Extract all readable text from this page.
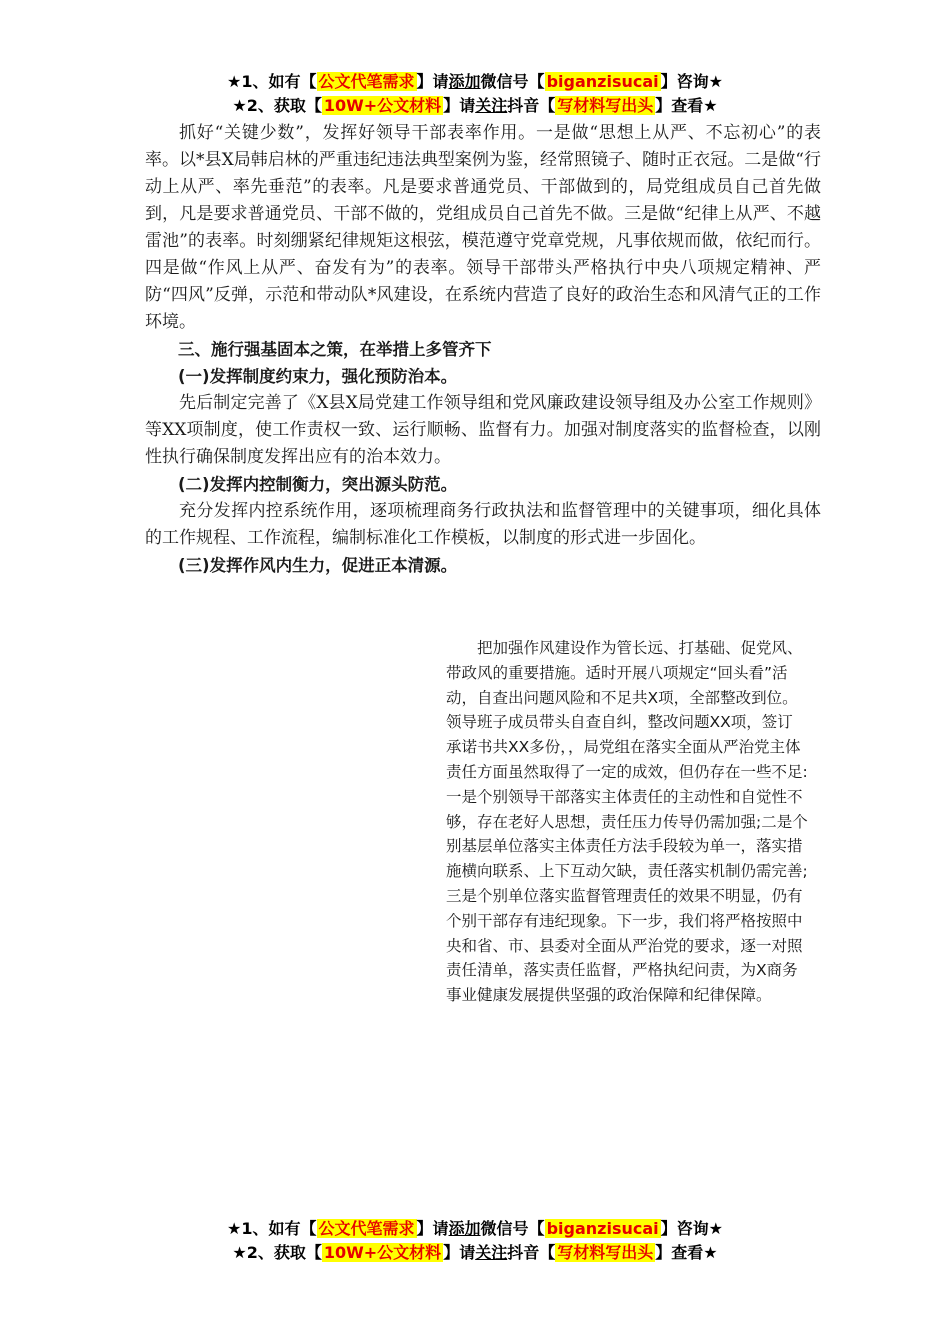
★1、如有【 公文代笔需求 】请添加微信号【 biganzisucai 】咨询★
★2、获取【 10W+公文材料 】请关注抖音【 写材料写出头 】查看★

抓好“关键少数”，发挥好领导干部表率作用。一是做“思想上从严、不忘初心”的表率。以*县X局韩启林的严重违纪违法典型案例为鉴，经常照镜子、随时正衣冠。二是做“行动上从严、率先垂范”的表率。凡是要求普通党员、干部做到的，局党组成员自己首先做到，凡是要求普通党员、干部不做的，党组成员自己首先不做。三是做“纪律上从严、不越雷池”的表率。时刻绷紧纪律规矩这根弦，模范遵守党章党规，凡事依规而做，依纪而行。四是做“作风上从严、奋发有为”的表率。领导干部带头严格执行中央八项规定精神、严防“四风”反弹，示范和带动队*风建设，在系统内营造了良好的政治生态和风清气正的工作环境。

三、施行强基固本之策，在举措上多管齐下

(一)发挥制度约束力，强化预防治本。

先后制定完善了《X县X局党建工作领导组和党风廉政建设领导组及办公室工作规则》等XX项制度，使工作责权一致、运行顺畅、监督有力。加强对制度落实的监督检查，以刚性执行确保制度发挥出应有的治本效力。

(二)发挥内控制衡力，突出源头防范。

充分发挥内控系统作用，逐项梳理商务行政执法和监督管理中的关键事项，细化具体的工作规程、工作流程，编制标准化工作模板，以制度的形式进一步固化。

(三)发挥作风内生力，促进正本清源。

把加强作风建设作为管长远、打基础、促党风、带政风的重要措施。适时开展八项规定“回头看”活动，自查出问题风险和不足共X项，全部整改到位。领导班子成员带头自查自纠，整改问题XX项，签订承诺书共XX多份，，局党组在落实全面从严治党主体责任方面虽然取得了一定的成效，但仍存在一些不足:一是个别领导干部落实主体责任的主动性和自觉性不够，存在老好人思想，责任压力传导仍需加强;二是个别基层单位落实主体责任方法手段较为单一，落实措施横向联系、上下互动欠缺，责任落实机制仍需完善;三是个别单位落实监督管理责任的效果不明显，仍有个别干部存有违纪现象。下一步，我们将严格按照中央和省、市、县委对全面从严治党的要求，逐一对照责任清单，落实责任监督，严格执纪问责，为X商务事业健康发展提供坚强的政治保障和纪律保障。

★1、如有【 公文代笔需求 】请添加微信号【 biganzisucai 】咨询★
★2、获取【 10W+公文材料 】请关注抖音【 写材料写出头 】查看★
